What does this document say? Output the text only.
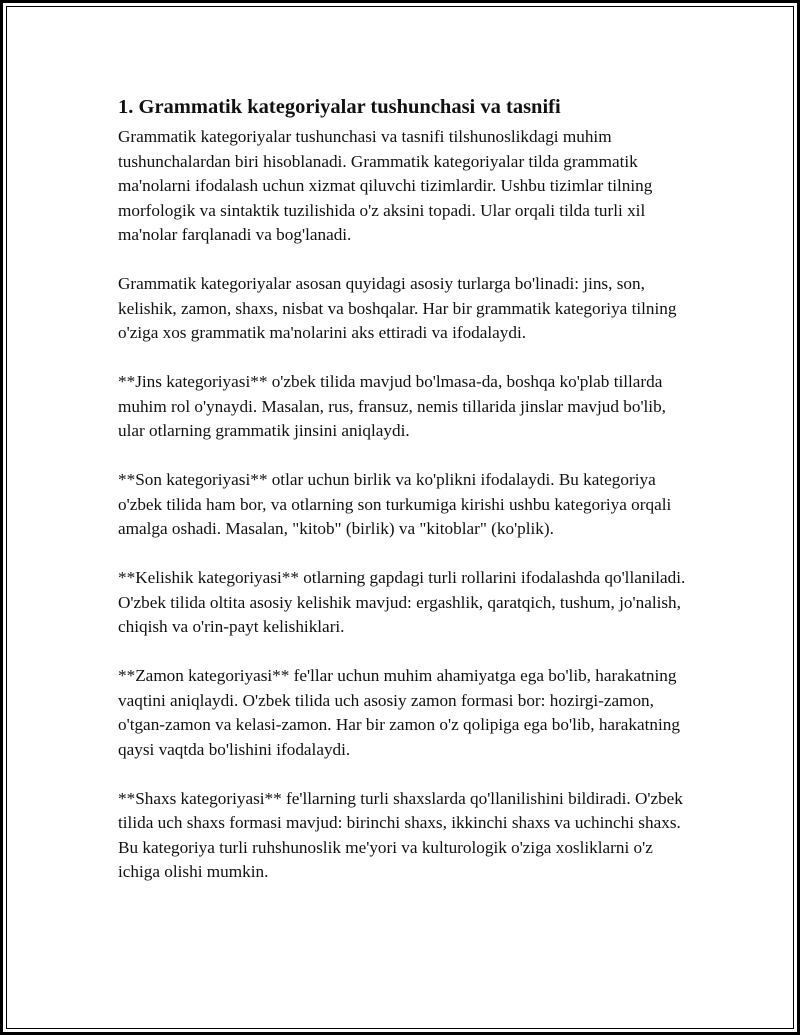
1. Grammatik kategoriyalar tushunchasi va tasnifi

Grammatik kategoriyalar tushunchasi va tasnifi tilshunoslikdagi muhim tushunchalardan biri hisoblanadi. Grammatik kategoriyalar tilda grammatik ma'nolarni ifodalash uchun xizmat qiluvchi tizimlardir. Ushbu tizimlar tilning morfologik va sintaktik tuzilishida o'z aksini topadi. Ular orqali tilda turli xil ma'nolar farqlanadi va bog'lanadi.

Grammatik kategoriyalar asosan quyidagi asosiy turlarga bo'linadi: jins, son, kelishik, zamon, shaxs, nisbat va boshqalar. Har bir grammatik kategoriya tilning o'ziga xos grammatik ma'nolarini aks ettiradi va ifodalaydi.

**Jins kategoriyasi** o'zbek tilida mavjud bo'lmasa-da, boshqa ko'plab tillarda muhim rol o'ynaydi. Masalan, rus, fransuz, nemis tillarida jinslar mavjud bo'lib, ular otlarning grammatik jinsini aniqlaydi.

**Son kategoriyasi** otlar uchun birlik va ko'plikni ifodalaydi. Bu kategoriya o'zbek tilida ham bor, va otlarning son turkumiga kirishi ushbu kategoriya orqali amalga oshadi. Masalan, "kitob" (birlik) va "kitoblar" (ko'plik).

**Kelishik kategoriyasi** otlarning gapdagi turli rollarini ifodalashda qo'llaniladi. O'zbek tilida oltita asosiy kelishik mavjud: ergashlik, qaratqich, tushum, jo'nalish, chiqish va o'rin-payt kelishiklari.

**Zamon kategoriyasi** fe'llar uchun muhim ahamiyatga ega bo'lib, harakatning vaqtini aniqlaydi. O'zbek tilida uch asosiy zamon formasi bor: hozirgi-zamon, o'tgan-zamon va kelasi-zamon. Har bir zamon o'z qolipiga ega bo'lib, harakatning qaysi vaqtda bo'lishini ifodalaydi.

**Shaxs kategoriyasi** fe'llarning turli shaxslarda qo'llanilishini bildiradi. O'zbek tilida uch shaxs formasi mavjud: birinchi shaxs, ikkinchi shaxs va uchinchi shaxs. Bu kategoriya turli ruhshunoslik me'yori va kulturologik o'ziga xosliklarni o'z ichiga olishi mumkin.
